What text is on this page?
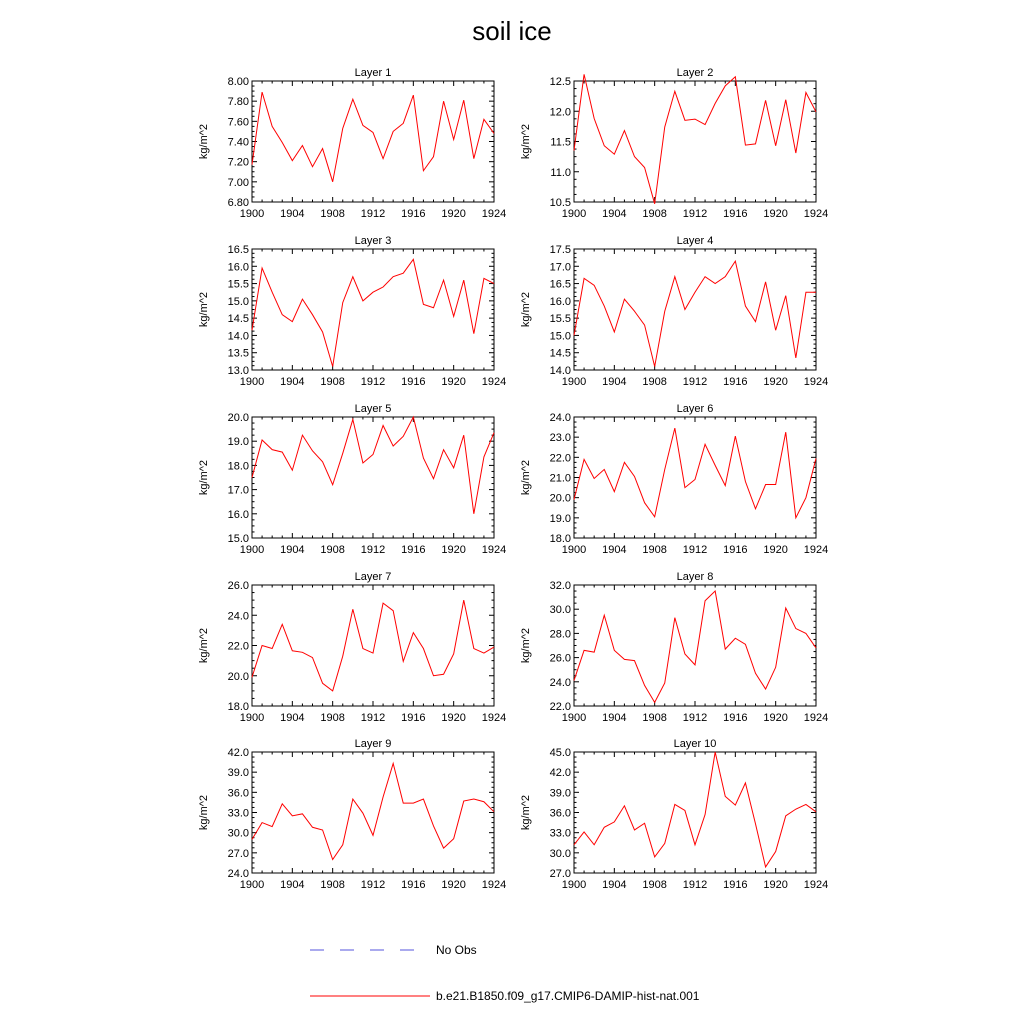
soil ice
Layer 1
kg/m^2
6.80
7.00
7.20
7.40
7.60
7.80
8.00
1900 1904 1908 1912 1916 1920 1924
Layer 2
kg/m^2
10.5
11.0
11.5
12.0
12.5
1900 1904 1908 1912 1916 1920 1924
Layer 3
kg/m^2
13.0
13.5
14.0
14.5
15.0
15.5
16.0
16.5
1900 1904 1908 1912 1916 1920 1924
Layer 4
kg/m^2
14.0
14.5
15.0
15.5
16.0
16.5
17.0
17.5
1900 1904 1908 1912 1916 1920 1924
Layer 5
kg/m^2
15.0
16.0
17.0
18.0
19.0
20.0
1900 1904 1908 1912 1916 1920 1924
Layer 6
kg/m^2
18.0
19.0
20.0
21.0
22.0
23.0
24.0
1900 1904 1908 1912 1916 1920 1924
Layer 7
kg/m^2
18.0
20.0
22.0
24.0
26.0
1900 1904 1908 1912 1916 1920 1924
Layer 8
kg/m^2
22.0
24.0
26.0
28.0
30.0
32.0
1900 1904 1908 1912 1916 1920 1924
Layer 9
kg/m^2
24.0
27.0
30.0
33.0
36.0
39.0
42.0
1900 1904 1908 1912 1916 1920 1924
Layer 10
kg/m^2
27.0
30.0
33.0
36.0
39.0
42.0
45.0
1900 1904 1908 1912 1916 1920 1924
No Obs
b.e21.B1850.f09_g17.CMIP6-DAMIP-hist-nat.001
